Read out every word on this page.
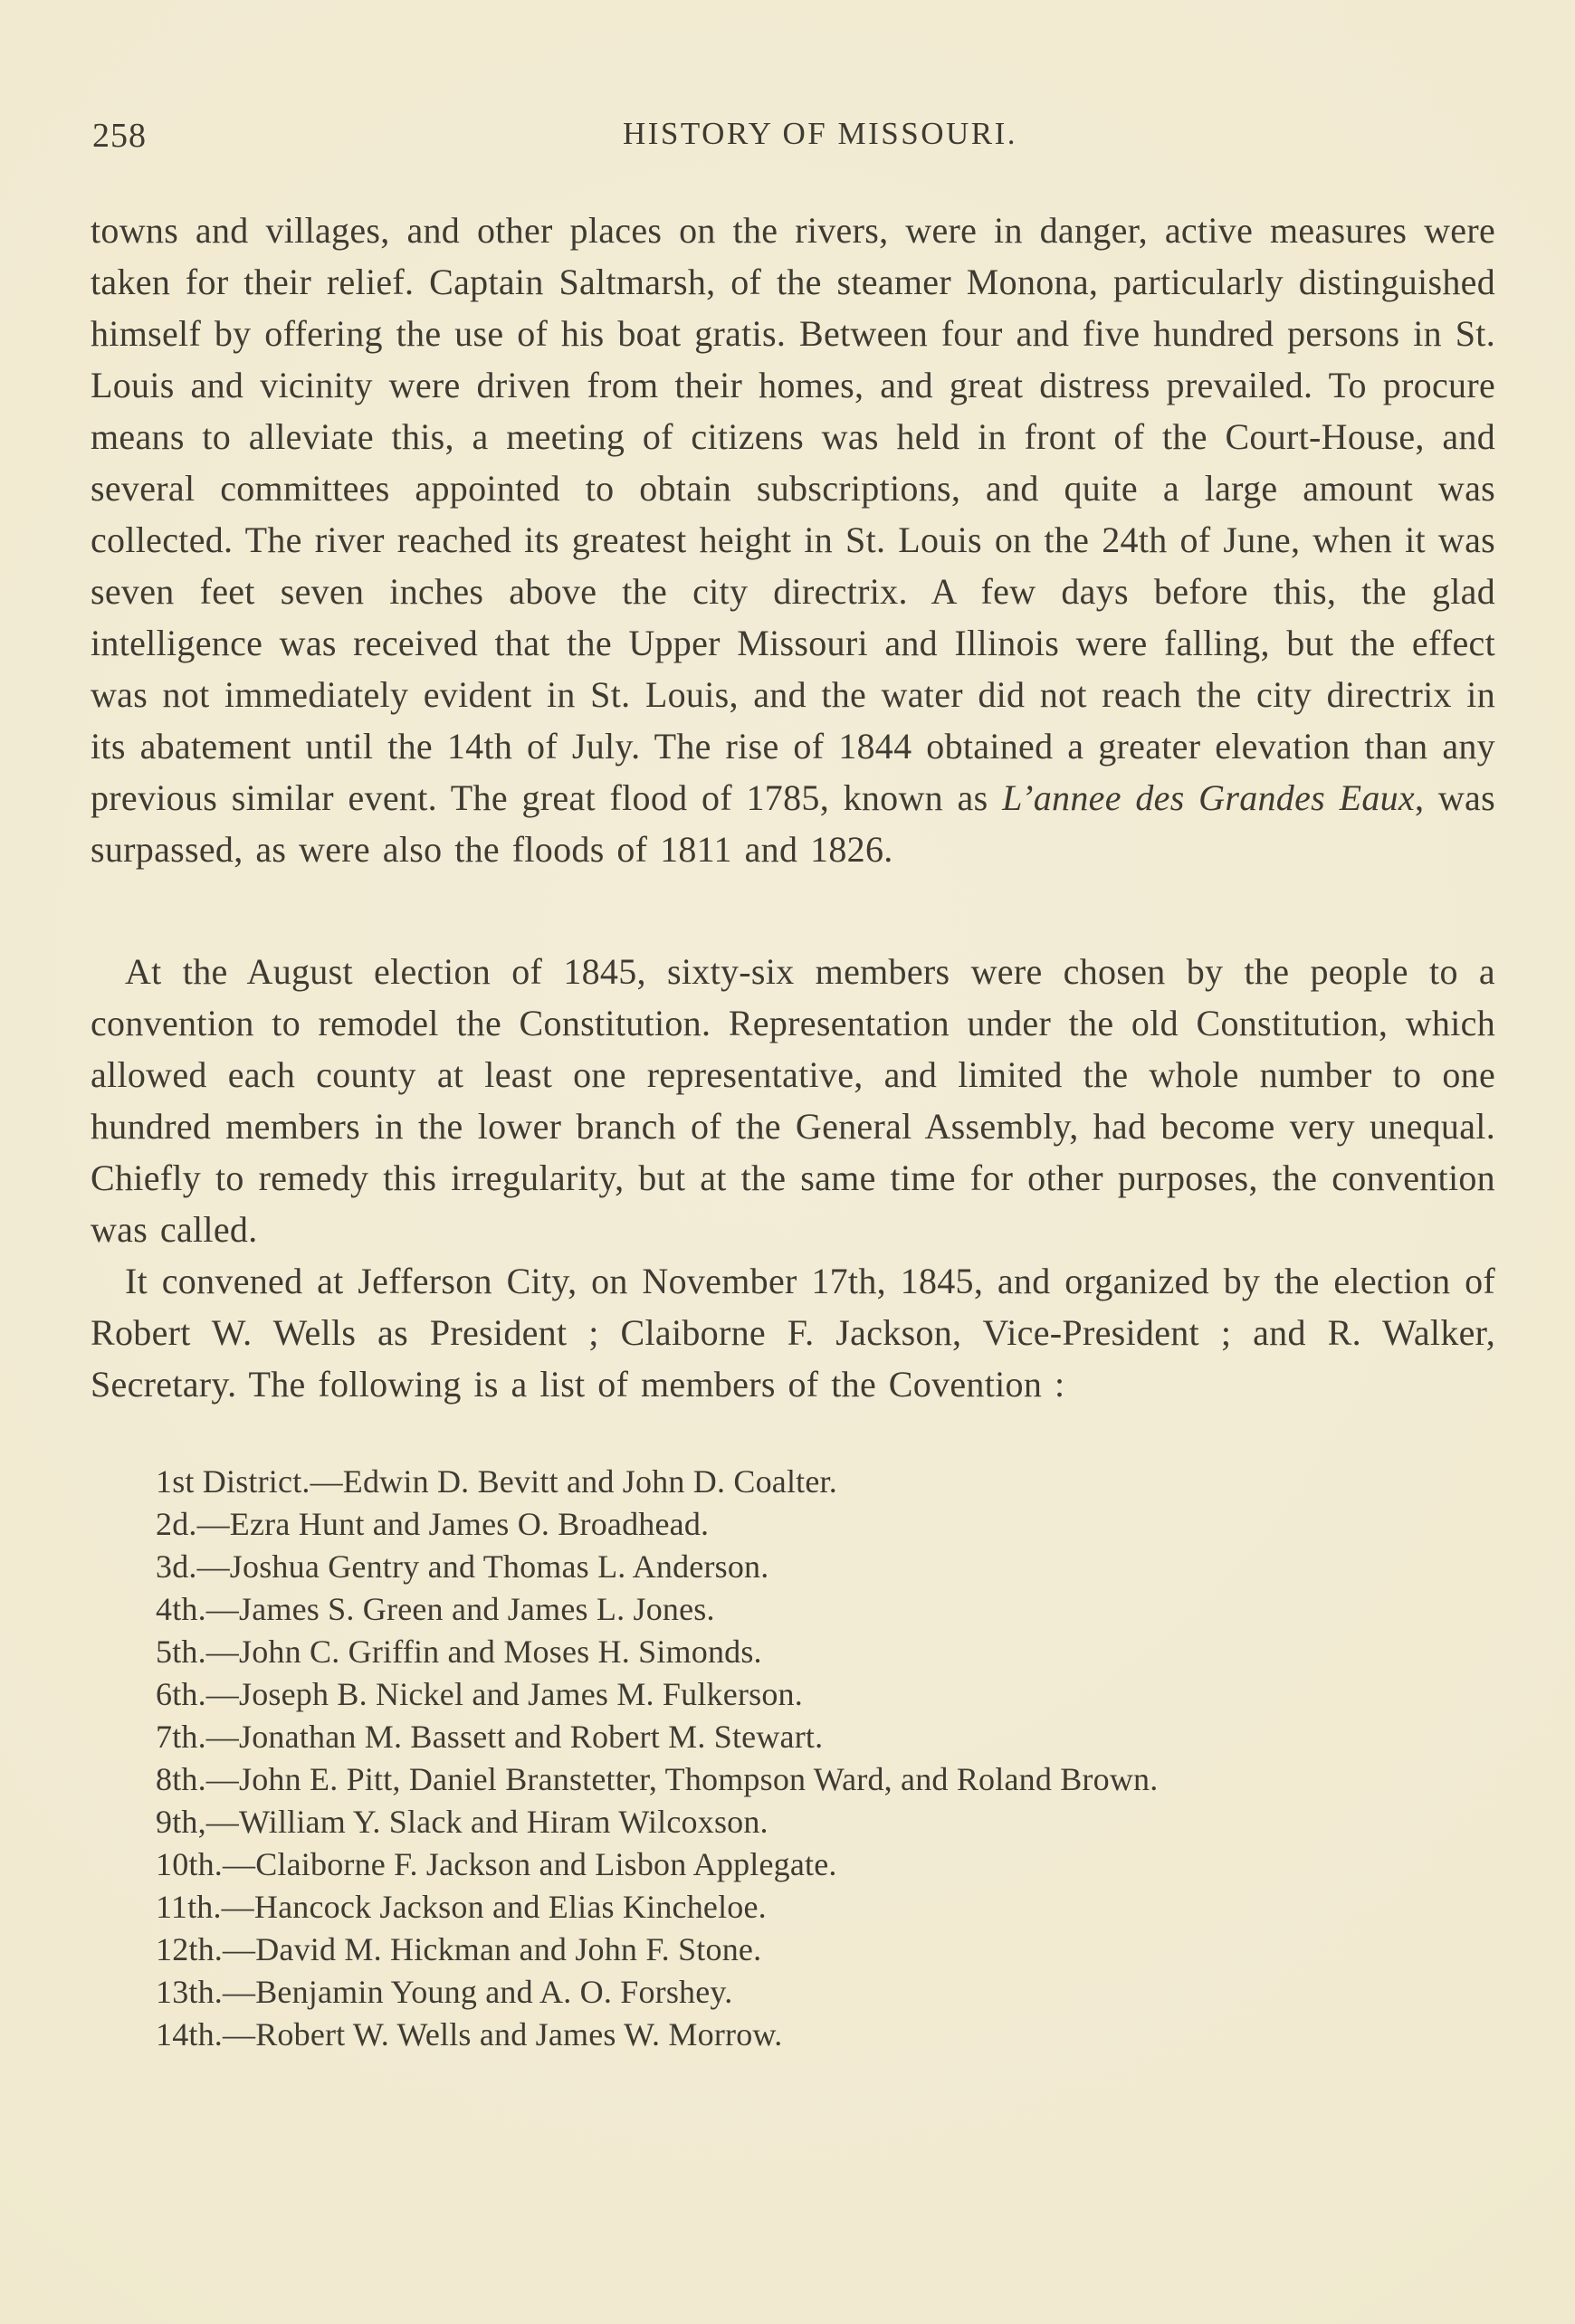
258	HISTORY OF MISSOURI.

towns and villages, and other places on the rivers, were in danger, active measures were taken for their relief. Captain Saltmarsh, of the steamer Monona, particularly distinguished himself by offering the use of his boat gratis. Between four and five hundred persons in St. Louis and vicinity were driven from their homes, and great distress prevailed. To procure means to alleviate this, a meeting of citizens was held in front of the Court-House, and several committees appointed to obtain subscriptions, and quite a large amount was collected. The river reached its greatest height in St. Louis on the 24th of June, when it was seven feet seven inches above the city directrix. A few days before this, the glad intelligence was received that the Upper Missouri and Illinois were falling, but the effect was not immediately evident in St. Louis, and the water did not reach the city directrix in its abatement until the 14th of July. The rise of 1844 obtained a greater elevation than any previous similar event. The great flood of 1785, known as L’annee des Grandes Eaux, was surpassed, as were also the floods of 1811 and 1826.

At the August election of 1845, sixty-six members were chosen by the people to a convention to remodel the Constitution. Representation under the old Constitution, which allowed each county at least one representative, and limited the whole number to one hundred members in the lower branch of the General Assembly, had become very unequal. Chiefly to remedy this irregularity, but at the same time for other purposes, the convention was called.

It convened at Jefferson City, on November 17th, 1845, and organized by the election of Robert W. Wells as President ; Claiborne F. Jackson, Vice-President ; and R. Walker, Secretary. The following is a list of members of the Covention :

1st District.—Edwin D. Bevitt and John D. Coalter.
2d.—Ezra Hunt and James O. Broadhead.
3d.—Joshua Gentry and Thomas L. Anderson.
4th.—James S. Green and James L. Jones.
5th.—John C. Griffin and Moses H. Simonds.
6th.—Joseph B. Nickel and James M. Fulkerson.
7th.—Jonathan M. Bassett and Robert M. Stewart.
8th.—John E. Pitt, Daniel Branstetter, Thompson Ward, and Roland Brown.
9th,—William Y. Slack and Hiram Wilcoxson.
10th.—Claiborne F. Jackson and Lisbon Applegate.
11th.—Hancock Jackson and Elias Kincheloe.
12th.—David M. Hickman and John F. Stone.
13th.—Benjamin Young and A. O. Forshey.
14th.—Robert W. Wells and James W. Morrow.
